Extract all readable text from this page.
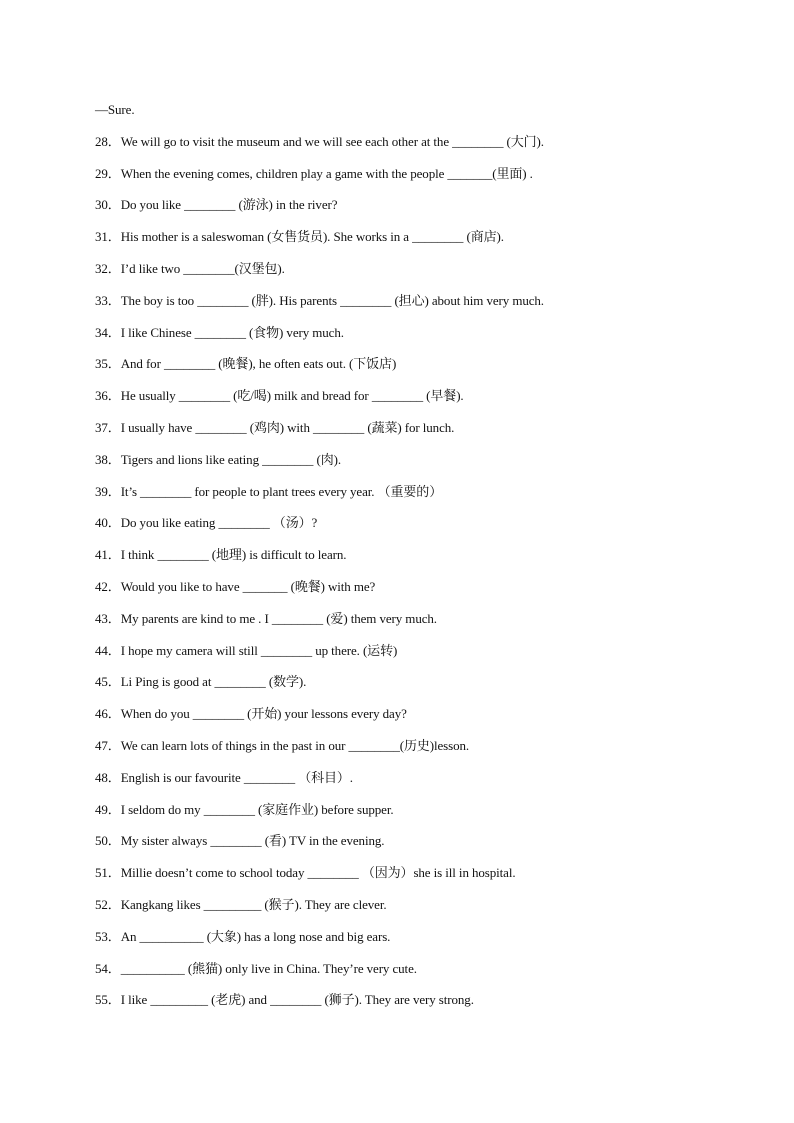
—Sure.
28．We will go to visit the museum and we will see each other at the ________ (大门).
29．When the evening comes, children play a game with the people _______(里面) .
30．Do you like ________ (游泳) in the river?
31．His mother is a saleswoman (女售货员). She works in a ________ (商店).
32．I’d like two ________(汉堡包).
33．The boy is too ________ (胖). His parents ________ (担心) about him very much.
34．I like Chinese ________ (食物) very much.
35．And for ________ (晚餐), he often eats out. (下饭店)
36．He usually ________ (吃/喝) milk and bread for ________ (早餐).
37．I usually have ________ (鸡肉) with ________ (蔬菜) for lunch.
38．Tigers and lions like eating ________ (肉).
39．It’s ________ for people to plant trees every year. （重要的）
40．Do you like eating ________ （汤）?
41．I think ________ (地理) is difficult to learn.
42．Would you like to have _______ (晚餐) with me?
43．My parents are kind to me . I ________ (爱) them very much.
44．I hope my camera will still ________ up there. (运转)
45．Li Ping is good at ________ (数学).
46．When do you ________ (开始) your lessons every day?
47．We can learn lots of things in the past in our ________(历史)lesson.
48．English is our favourite ________ （科目）.
49．I seldom do my ________ (家庭作业) before supper.
50．My sister always ________ (看) TV in the evening.
51．Millie doesn’t come to school today ________ （因为）she is ill in hospital.
52．Kangkang likes _________ (猴子). They are clever.
53．An __________ (大象) has a long nose and big ears.
54．__________ (熊猫) only live in China. They’re very cute.
55．I like _________ (老虎) and ________ (狮子). They are very strong.
